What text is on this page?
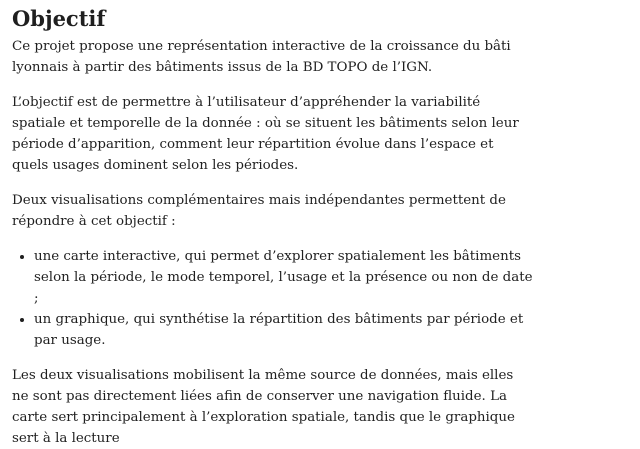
Objectif

Ce projet propose une représentation interactive de la croissance du bâti lyonnais à partir des bâtiments issus de la BD TOPO de l’IGN.

L’objectif est de permettre à l’utilisateur d’appréhender la variabilité spatiale et temporelle de la donnée : où se situent les bâtiments selon leur période d’apparition, comment leur répartition évolue dans l’espace et quels usages dominent selon les périodes.

Deux visualisations complémentaires mais indépendantes permettent de répondre à cet objectif :

• une carte interactive, qui permet d’explorer spatialement les bâtiments selon la période, le mode temporel, l’usage et la présence ou non de date ;
• un graphique, qui synthétise la répartition des bâtiments par période et par usage.

Les deux visualisations mobilisent la même source de données, mais elles ne sont pas directement liées afin de conserver une navigation fluide. La carte sert principalement à l’exploration spatiale, tandis que le graphique sert à la lecture
